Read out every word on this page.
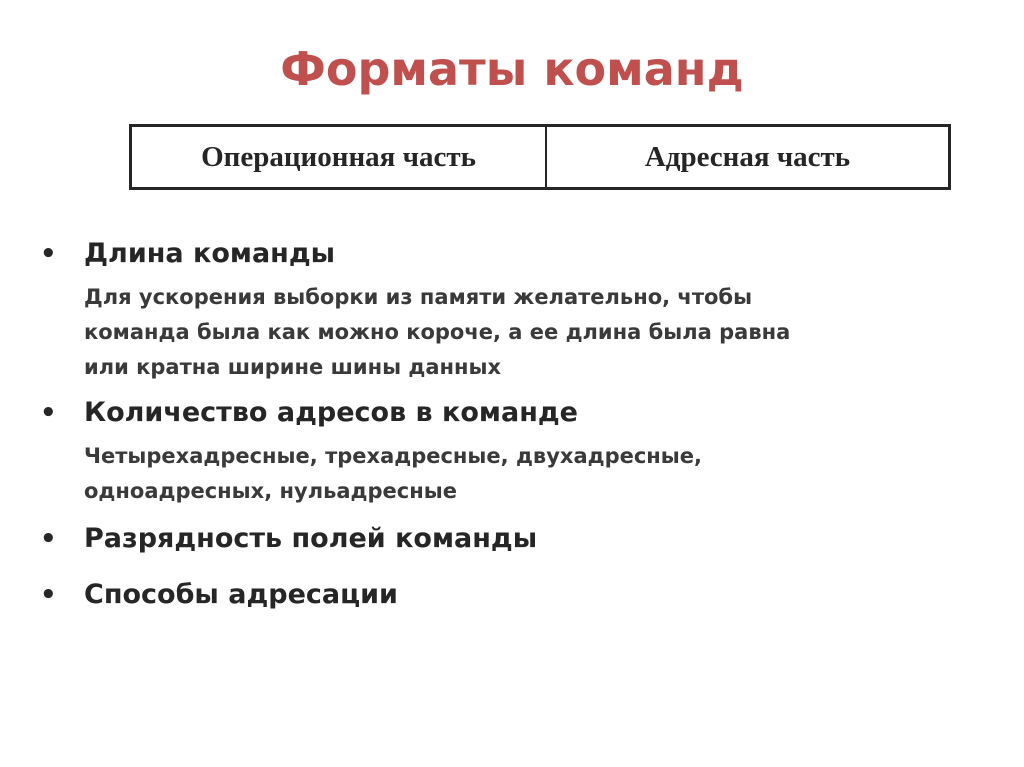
Форматы команд
Операционная часть	Адресная часть
• Длина команды
Для ускорения выборки из памяти желательно, чтобы
команда была как можно короче, а ее длина была равна
или кратна ширине шины данных
• Количество адресов в команде
Четырехадресные, трехадресные, двухадресные,
одноадресных, нульадресные
• Разрядность полей команды
• Способы адресации
